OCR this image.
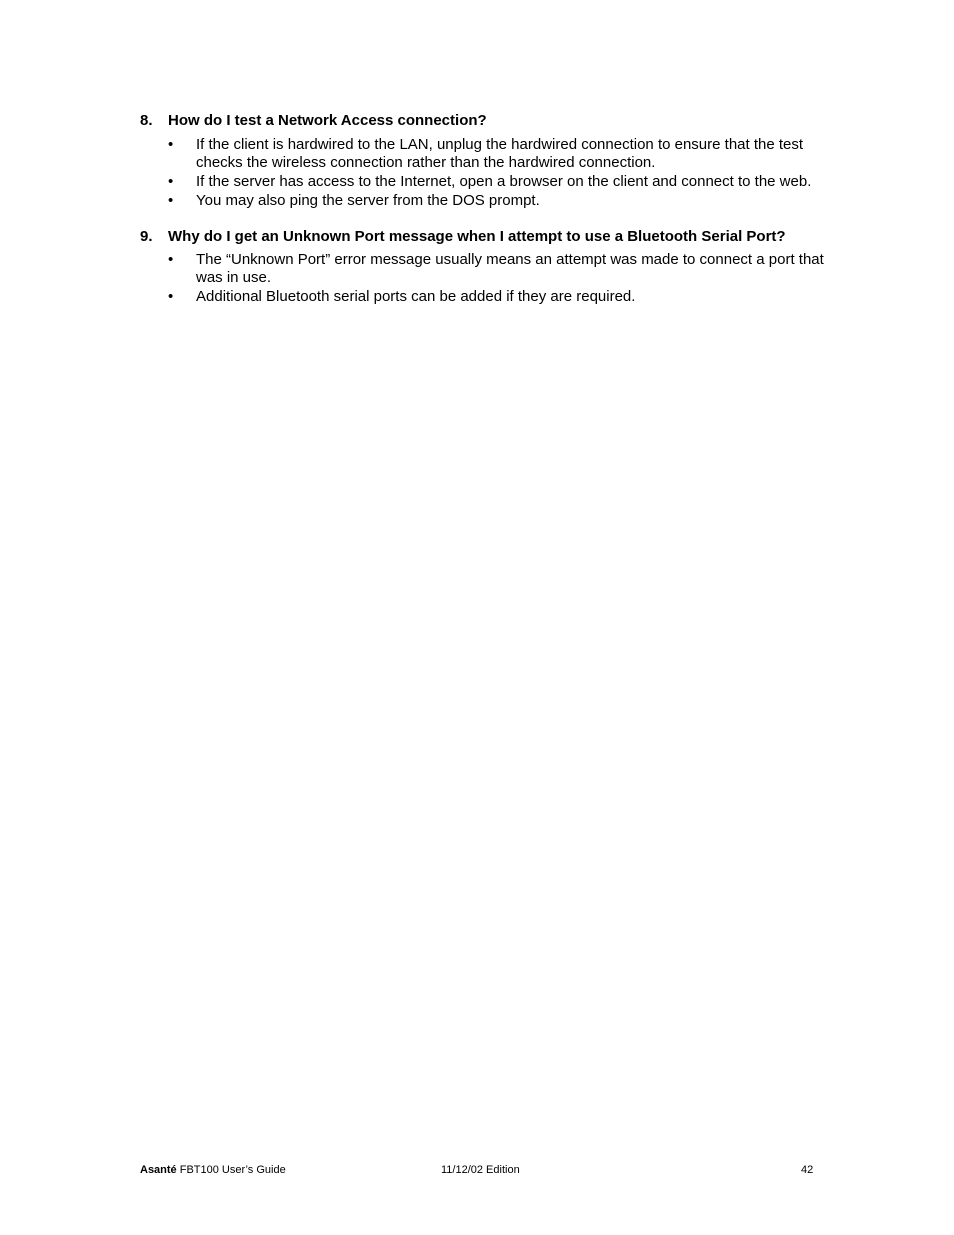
8. How do I test a Network Access connection?
•	If the client is hardwired to the LAN, unplug the hardwired connection to ensure that the test checks the wireless connection rather than the hardwired connection.
•	If the server has access to the Internet, open a browser on the client and connect to the web.
•	You may also ping the server from the DOS prompt.
9. Why do I get an Unknown Port message when I attempt to use a Bluetooth Serial Port?
•	The “Unknown Port” error message usually means an attempt was made to connect a port that was in use.
•	Additional Bluetooth serial ports can be added if they are required.
Asanté FBT100 User’s Guide	11/12/02 Edition	42
